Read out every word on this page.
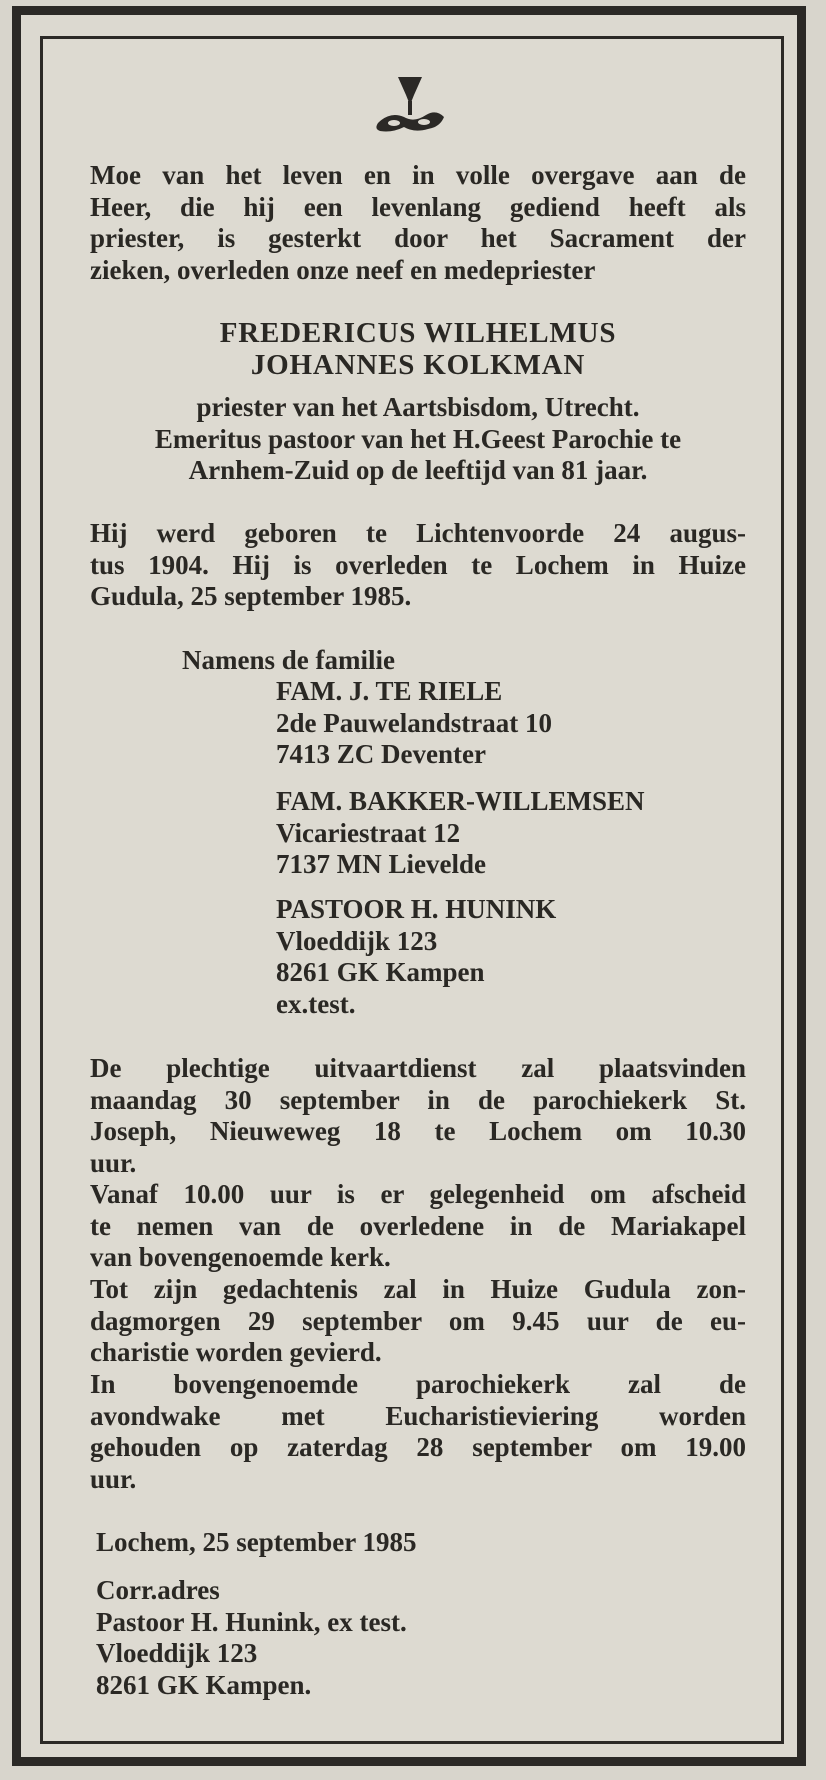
Moe van het leven en in volle overgave aan de

Heer, die hij een levenlang gediend heeft als

priester, is gesterkt door het Sacrament der

zieken, overleden onze neef en medepriester

FREDERICUS WILHELMUS

JOHANNES KOLKMAN

priester van het Aartsbisdom, Utrecht.

Emeritus pastoor van het H.Geest Parochie te

Arnhem-Zuid op de leeftijd van 81 jaar.

Hij werd geboren te Lichtenvoorde 24 augus-

tus 1904. Hij is overleden te Lochem in Huize

Gudula, 25 september 1985.

Namens de familie

FAM. J. TE RIELE

2de Pauwelandstraat 10

7413 ZC Deventer

FAM. BAKKER-WILLEMSEN

Vicariestraat 12

7137 MN Lievelde

PASTOOR H. HUNINK

Vloeddijk 123

8261 GK Kampen

ex.test.

De plechtige uitvaartdienst zal plaatsvinden

maandag 30 september in de parochiekerk St.

Joseph, Nieuweweg 18 te Lochem om 10.30

uur.

Vanaf 10.00 uur is er gelegenheid om afscheid

te nemen van de overledene in de Mariakapel

van bovengenoemde kerk.

Tot zijn gedachtenis zal in Huize Gudula zon-

dagmorgen 29 september om 9.45 uur de eu-

charistie worden gevierd.

In bovengenoemde parochiekerk zal de

avondwake met Eucharistieviering worden

gehouden op zaterdag 28 september om 19.00

uur.

Lochem, 25 september 1985

Corr.adres

Pastoor H. Hunink, ex test.

Vloeddijk 123

8261 GK Kampen.
